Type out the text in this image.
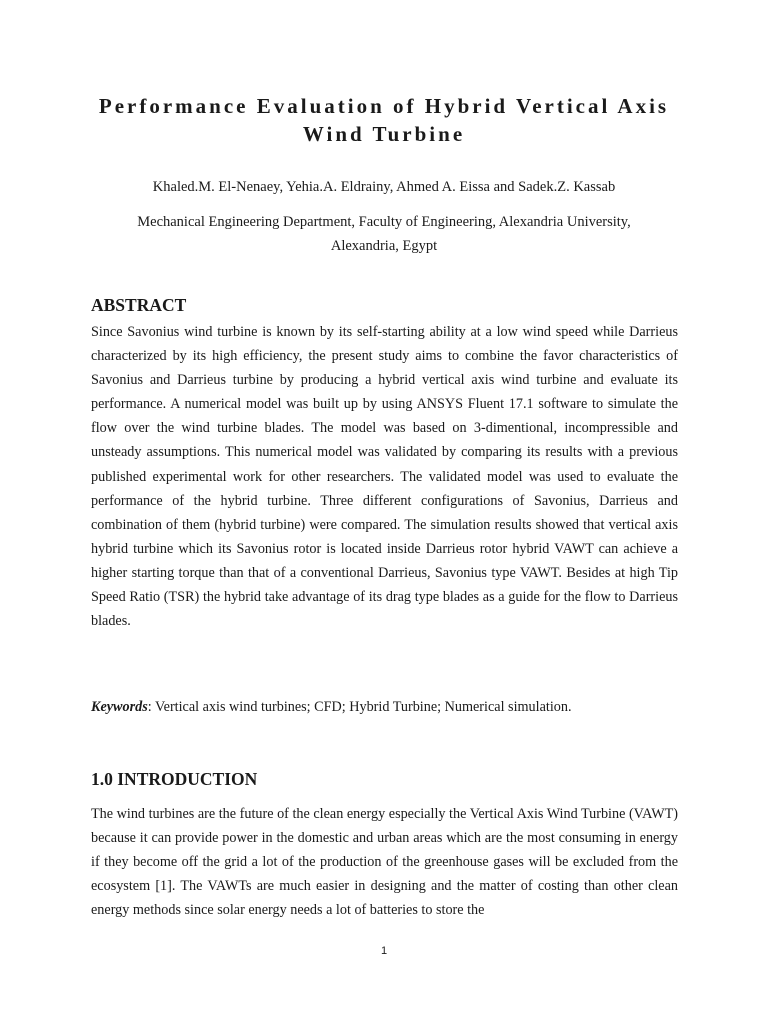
Performance Evaluation of Hybrid Vertical Axis
Wind Turbine
Khaled.M. El-Nenaey, Yehia.A. Eldrainy, Ahmed A. Eissa and Sadek.Z. Kassab
Mechanical Engineering Department, Faculty of Engineering, Alexandria University,
Alexandria, Egypt
ABSTRACT
Since Savonius wind turbine is known by its self-starting ability at a low wind speed while Darrieus characterized by its high efficiency, the present study aims to combine the favor characteristics of Savonius and Darrieus turbine by producing a hybrid vertical axis wind turbine and evaluate its performance. A numerical model was built up by using ANSYS Fluent 17.1 software to simulate the flow over the wind turbine blades. The model was based on 3-dimentional, incompressible and unsteady assumptions. This numerical model was validated by comparing its results with a previous published experimental work for other researchers. The validated model was used to evaluate the performance of the hybrid turbine. Three different configurations of Savonius, Darrieus and combination of them (hybrid turbine) were compared. The simulation results showed that vertical axis hybrid turbine which its Savonius rotor is located inside Darrieus rotor hybrid VAWT can achieve a higher starting torque than that of a conventional Darrieus, Savonius type VAWT. Besides at high Tip Speed Ratio (TSR) the hybrid take advantage of its drag type blades as a guide for the flow to Darrieus blades.
Keywords: Vertical axis wind turbines; CFD; Hybrid Turbine; Numerical simulation.
1.0 INTRODUCTION
The wind turbines are the future of the clean energy especially the Vertical Axis Wind Turbine (VAWT) because it can provide power in the domestic and urban areas which are the most consuming in energy if they become off the grid a lot of the production of the greenhouse gases will be excluded from the ecosystem [1]. The VAWTs are much easier in designing and the matter of costing than other clean energy methods since solar energy needs a lot of batteries to store the
1
